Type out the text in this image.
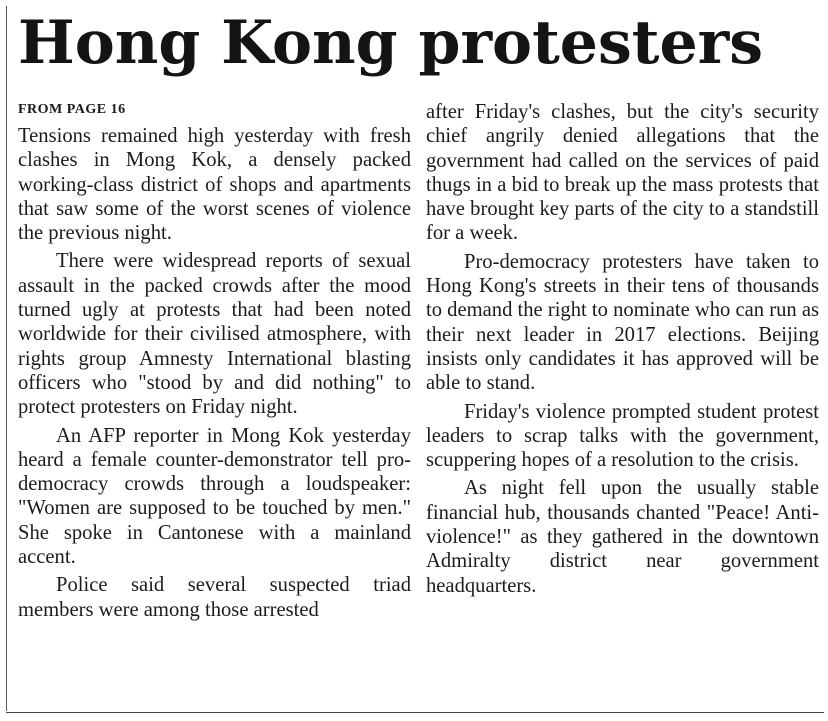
Hong Kong protesters
FROM PAGE 16

Tensions remained high yesterday with fresh clashes in Mong Kok, a densely packed working-class district of shops and apartments that saw some of the worst scenes of violence the previous night.

There were widespread reports of sexual assault in the packed crowds after the mood turned ugly at protests that had been noted worldwide for their civilised atmosphere, with rights group Amnesty International blasting officers who "stood by and did nothing" to protect protesters on Friday night.

An AFP reporter in Mong Kok yesterday heard a female counter-demonstrator tell pro-democracy crowds through a loudspeaker: "Women are supposed to be touched by men." She spoke in Cantonese with a mainland accent.

Police said several suspected triad members were among those arrested

after Friday's clashes, but the city's security chief angrily denied allegations that the government had called on the services of paid thugs in a bid to break up the mass protests that have brought key parts of the city to a standstill for a week.

Pro-democracy protesters have taken to Hong Kong's streets in their tens of thousands to demand the right to nominate who can run as their next leader in 2017 elections. Beijing insists only candidates it has approved will be able to stand.

Friday's violence prompted student protest leaders to scrap talks with the government, scuppering hopes of a resolution to the crisis.

As night fell upon the usually stable financial hub, thousands chanted "Peace! Anti-violence!" as they gathered in the downtown Admiralty district near government headquarters.
